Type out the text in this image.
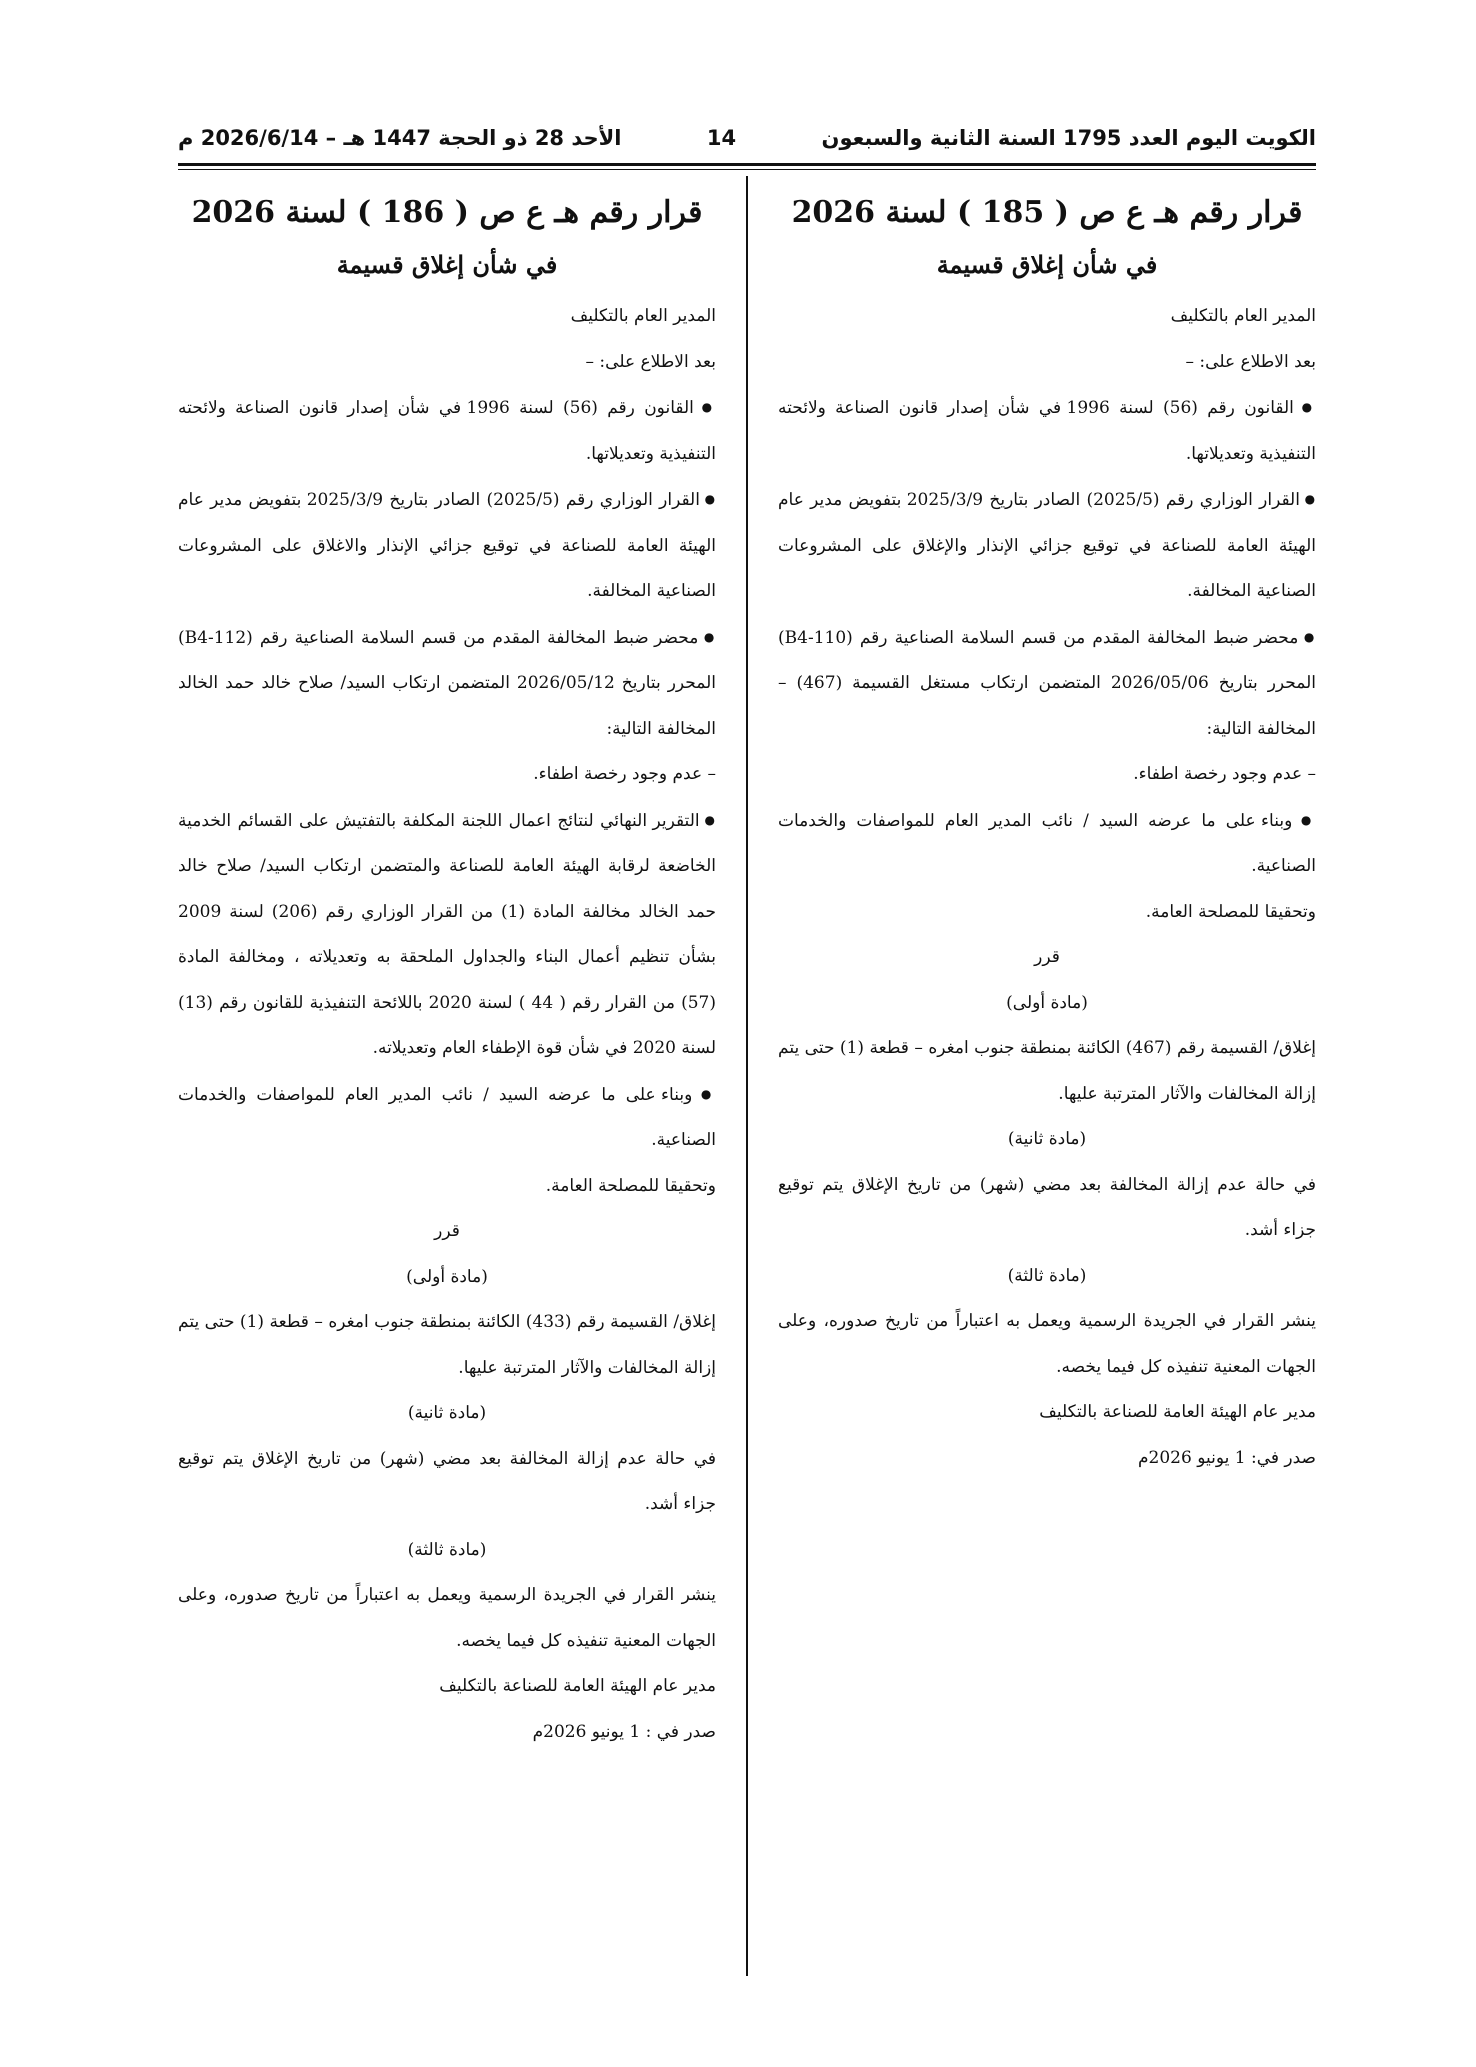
الكويت اليوم العدد 1795 السنة الثانية والسبعون
14
الأحد 28 ذو الحجة 1447 هـ – 2026/6/14 م

قرار رقم هـ ع ص ( 185 ) لسنة 2026

في شأن إغلاق قسيمة

المدير العام بالتكليف

بعد الاطلاع على: –

● القانون رقم (56) لسنة 1996 في شأن إصدار قانون الصناعة ولائحته التنفيذية وتعديلاتها.

● القرار الوزاري رقم (2025/5) الصادر بتاريخ 2025/3/9 بتفويض مدير عام الهيئة العامة للصناعة في توقيع جزائي الإنذار والإغلاق على المشروعات الصناعية المخالفة.

● محضر ضبط المخالفة المقدم من قسم السلامة الصناعية رقم (B4-110) المحرر بتاريخ 2026/05/06 المتضمن ارتكاب مستغل القسيمة (467) – المخالفة التالية:

– عدم وجود رخصة اطفاء.

● وبناء على ما عرضه السيد / نائب المدير العام للمواصفات والخدمات الصناعية.

وتحقيقا للمصلحة العامة.

قرر

(مادة أولى)

إغلاق/ القسيمة رقم (467) الكائنة بمنطقة جنوب امغره – قطعة (1) حتى يتم إزالة المخالفات والآثار المترتبة عليها.

(مادة ثانية)

في حالة عدم إزالة المخالفة بعد مضي (شهر) من تاريخ الإغلاق يتم توقيع جزاء أشد.

(مادة ثالثة)

ينشر القرار في الجريدة الرسمية ويعمل به اعتباراً من تاريخ صدوره، وعلى الجهات المعنية تنفيذه كل فيما يخصه.

مدير عام الهيئة العامة للصناعة بالتكليف

صدر في: 1 يونيو 2026م

قرار رقم هـ ع ص ( 186 ) لسنة 2026

في شأن إغلاق قسيمة

المدير العام بالتكليف

بعد الاطلاع على: –

● القانون رقم (56) لسنة 1996 في شأن إصدار قانون الصناعة ولائحته التنفيذية وتعديلاتها.

● القرار الوزاري رقم (2025/5) الصادر بتاريخ 2025/3/9 بتفويض مدير عام الهيئة العامة للصناعة في توقيع جزائي الإنذار والاغلاق على المشروعات الصناعية المخالفة.

● محضر ضبط المخالفة المقدم من قسم السلامة الصناعية رقم (B4-112) المحرر بتاريخ 2026/05/12 المتضمن ارتكاب السيد/ صلاح خالد حمد الخالد المخالفة التالية:

– عدم وجود رخصة اطفاء.

● التقرير النهائي لنتائج اعمال اللجنة المكلفة بالتفتيش على القسائم الخدمية الخاضعة لرقابة الهيئة العامة للصناعة والمتضمن ارتكاب السيد/ صلاح خالد حمد الخالد مخالفة المادة (1) من القرار الوزاري رقم (206) لسنة 2009 بشأن تنظيم أعمال البناء والجداول الملحقة به وتعديلاته ، ومخالفة المادة (57) من القرار رقم ( 44 ) لسنة 2020 باللائحة التنفيذية للقانون رقم (13) لسنة 2020 في شأن قوة الإطفاء العام وتعديلاته.

● وبناء على ما عرضه السيد / نائب المدير العام للمواصفات والخدمات الصناعية.

وتحقيقا للمصلحة العامة.

قرر

(مادة أولى)

إغلاق/ القسيمة رقم (433) الكائنة بمنطقة جنوب امغره – قطعة (1) حتى يتم إزالة المخالفات والآثار المترتبة عليها.

(مادة ثانية)

في حالة عدم إزالة المخالفة بعد مضي (شهر) من تاريخ الإغلاق يتم توقيع جزاء أشد.

(مادة ثالثة)

ينشر القرار في الجريدة الرسمية ويعمل به اعتباراً من تاريخ صدوره، وعلى الجهات المعنية تنفيذه كل فيما يخصه.

مدير عام الهيئة العامة للصناعة بالتكليف

صدر في : 1 يونيو 2026م
